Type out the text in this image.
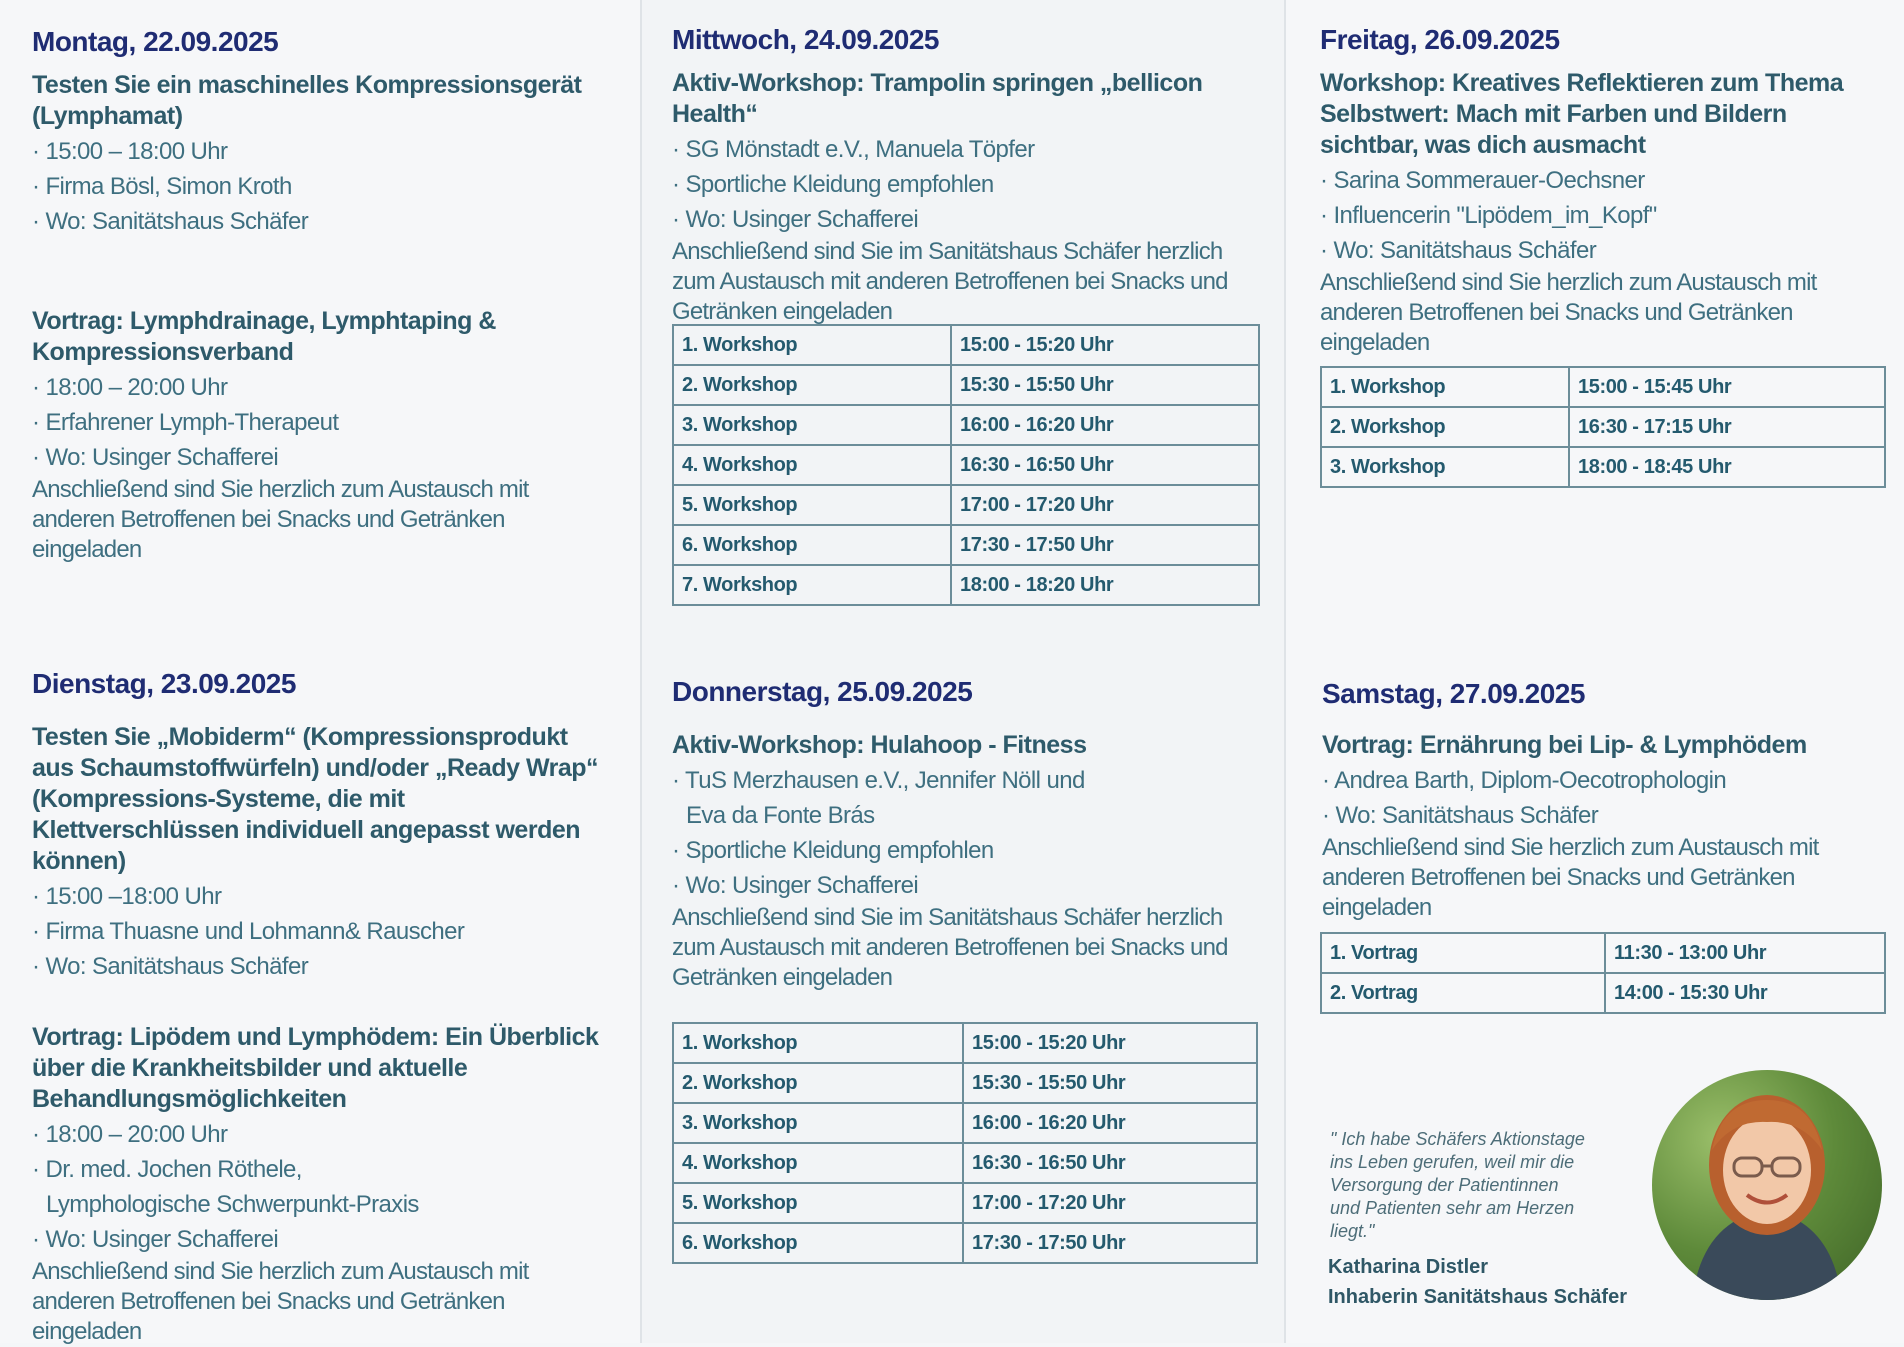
Montag, 22.09.2025
Testen Sie ein maschinelles Kompressionsgerät (Lymphamat)
· 15:00 – 18:00 Uhr
· Firma Bösl, Simon Kroth
· Wo: Sanitätshaus Schäfer
Vortrag: Lymphdrainage, Lymphtaping & Kompressionsverband
· 18:00 – 20:00 Uhr
· Erfahrener Lymph-Therapeut
· Wo: Usinger Schafferei
Anschließend sind Sie herzlich zum Austausch mit anderen Betroffenen bei Snacks und Getränken eingeladen
Dienstag, 23.09.2025
Testen Sie „Mobiderm“ (Kompressionsprodukt aus Schaumstoffwürfeln) und/oder „Ready Wrap“ (Kompressions-Systeme, die mit Klettverschlüssen individuell angepasst werden können)
· 15:00 –18:00 Uhr
· Firma Thuasne und Lohmann& Rauscher
· Wo: Sanitätshaus Schäfer
Vortrag: Lipödem und Lymphödem: Ein Überblick über die Krankheitsbilder und aktuelle Behandlungsmöglichkeiten
· 18:00 – 20:00 Uhr
· Dr. med. Jochen Röthele, Lymphologische Schwerpunkt-Praxis
· Wo: Usinger Schafferei
Anschließend sind Sie herzlich zum Austausch mit anderen Betroffenen bei Snacks und Getränken eingeladen
Mittwoch, 24.09.2025
Aktiv-Workshop: Trampolin springen „bellicon Health“
· SG Mönstadt e.V., Manuela Töpfer
· Sportliche Kleidung empfohlen
· Wo: Usinger Schafferei
Anschließend sind Sie im Sanitätshaus Schäfer herzlich zum Austausch mit anderen Betroffenen bei Snacks und Getränken eingeladen
1. Workshop	15:00 - 15:20 Uhr
2. Workshop	15:30 - 15:50 Uhr
3. Workshop	16:00 - 16:20 Uhr
4. Workshop	16:30 - 16:50 Uhr
5. Workshop	17:00 - 17:20 Uhr
6. Workshop	17:30 - 17:50 Uhr
7. Workshop	18:00 - 18:20 Uhr
Donnerstag, 25.09.2025
Aktiv-Workshop: Hulahoop - Fitness
· TuS Merzhausen e.V., Jennifer Nöll und Eva da Fonte Brás
· Sportliche Kleidung empfohlen
· Wo: Usinger Schafferei
Anschließend sind Sie im Sanitätshaus Schäfer herzlich zum Austausch mit anderen Betroffenen bei Snacks und Getränken eingeladen
1. Workshop	15:00 - 15:20 Uhr
2. Workshop	15:30 - 15:50 Uhr
3. Workshop	16:00 - 16:20 Uhr
4. Workshop	16:30 - 16:50 Uhr
5. Workshop	17:00 - 17:20 Uhr
6. Workshop	17:30 - 17:50 Uhr
Freitag, 26.09.2025
Workshop: Kreatives Reflektieren zum Thema Selbstwert: Mach mit Farben und Bildern sichtbar, was dich ausmacht
· Sarina Sommerauer-Oechsner
· Influencerin "Lipödem_im_Kopf"
· Wo: Sanitätshaus Schäfer
Anschließend sind Sie herzlich zum Austausch mit anderen Betroffenen bei Snacks und Getränken eingeladen
1. Workshop	15:00 - 15:45 Uhr
2. Workshop	16:30 - 17:15 Uhr
3. Workshop	18:00 - 18:45 Uhr
Samstag, 27.09.2025
Vortrag: Ernährung bei Lip- & Lymphödem
· Andrea Barth, Diplom-Oecotrophologin
· Wo: Sanitätshaus Schäfer
Anschließend sind Sie herzlich zum Austausch mit anderen Betroffenen bei Snacks und Getränken eingeladen
1. Vortrag	11:30 - 13:00 Uhr
2. Vortrag	14:00 - 15:30 Uhr
" Ich habe Schäfers Aktionstage ins Leben gerufen, weil mir die Versorgung der Patientinnen und Patienten sehr am Herzen liegt."
Katharina Distler
Inhaberin Sanitätshaus Schäfer
